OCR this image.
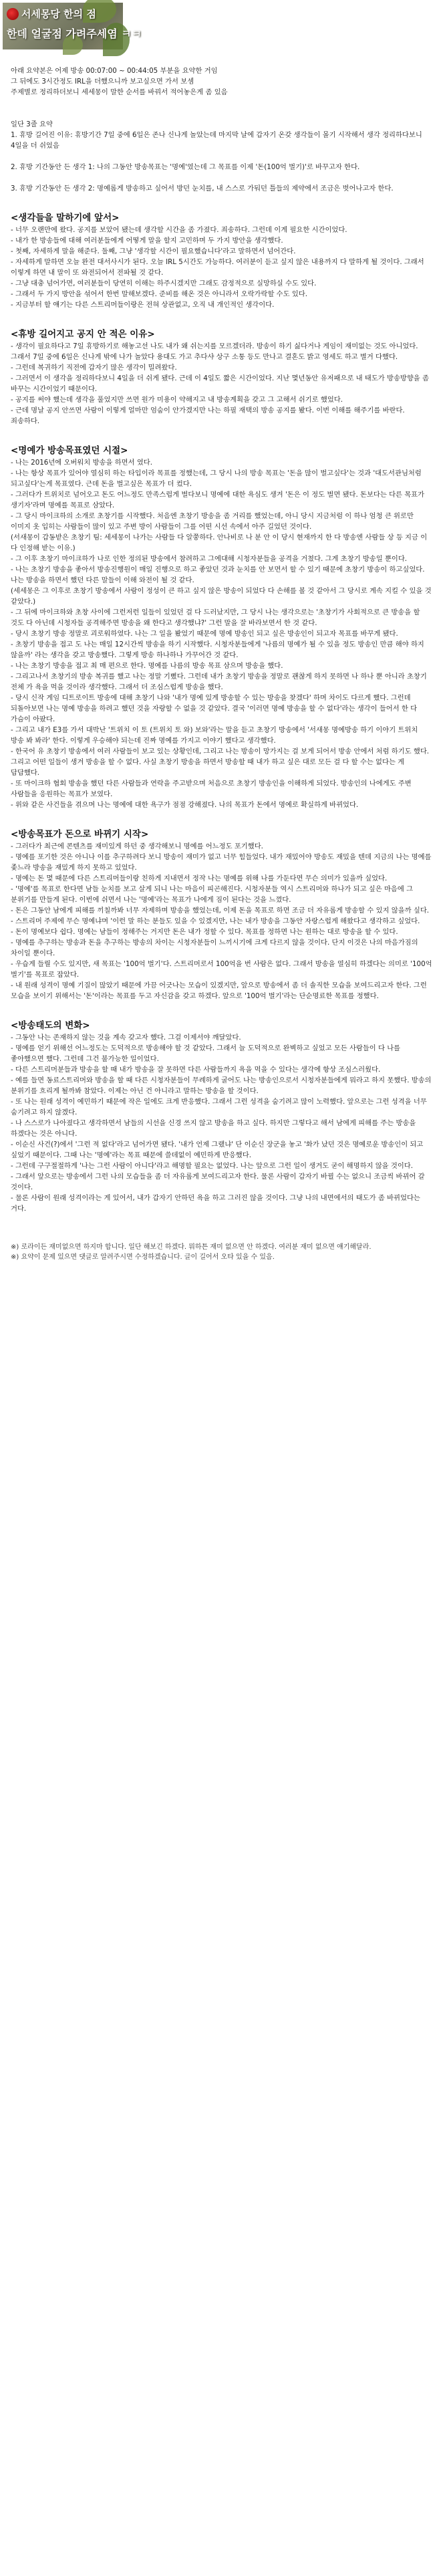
서세몽당 한의 점
한데 얼굴점 가려주세염 ㅋㅋ

아래 요약본은 어제 방송 00:07:00 ~ 00:44:05 부분을 요약한 거임

그 뒤에도 3시간정도 IRL을 더했으니까 보고싶으면 가서 보셈

주제별로 정리하더보니 세세몽이 말한 순서를 바꿔서 적어놓은게 좀 있음

일단 3줄 요약

1. 휴방 길어진 이유: 휴방기간 7일 중에 6일은 존나 신나게 놀았는데 마지막 날에 갑자기 온갖 생각들이 몰기 시작해서 생각 정리하다보니 4일을 더 쉬었음

2. 휴방 기간동안 든 생각 1: 나의 그동안 방송목표는 '명예'였는데 그 목표를 이제 '돈(100억 벌기)'로 바꾸고자 한다.

3. 휴방 기간동안 든 생각 2: 명예롭게 방송하고 싶어서 방던 눈치를, 내 스스로 가둬던 틀들의 제약에서 조금은 벗어나고자 한다.

<생각들을 말하기에 앞서>

- 너무 오랜만에 왔다. 공지를 보았어 됐는데 생각할 시간을 좀 가졌다. 죄송하다. 그런데 이게 필요한 시간이었다.

- 내가 한 방송들에 대해 여러분들에게 어떻게 말을 할지 고민하며 두 가지 방안을 생각했다.

- 첫째, 자세하게 말을 해준다. 둘째, 그냥 '생각할 시간이 필요했습니다'라고 말하면서 넘어간다.

- 자세하게 말하면 오늘 완전 대서사시가 된다. 오늘 IRL 5시간도 가능하다. 여러분이 듣고 싶지 않은 내용까지 다 말하게 될 것이다. 그래서 이렇게 하면 내 말이 또 와전되어서 전파될 것 같다.

- 그냥 대충 넘어가면, 여러분들이 당연히 이해는 하주시겠지만 그래도 감정적으로 실망하실 수도 있다.

- 그래서 두 가지 방안을 섞어서 한번 말해보겠다. 준비를 해온 것은 아니라서 오락가락할 수도 있다.

- 지금부터 할 얘기는 다른 스트리머들이랑은 전혀 상관없고, 오직 내 개인적인 생각이다.

<휴방 길어지고 공지 안 적은 이유>

- 생각이 필요하다고 7일 휴방하기로 해놓고선 나도 내가 왜 쉬는지를 모르겠더라. 방송이 하기 싫다거나 게임이 재미없는 것도 아니었다.

그래서 7일 중에 6일은 신나게 밖에 나가 놀았다 용대도 가고 추다샤 상구 소통 등도 만나고 결혼도 밝고 영세도 하고 별거 다했다.

- 그런데 복귀하기 직전에 갑자기 많은 생각이 밀려왔다.

- 그러면서 이 생각을 정리하다보니 4일을 더 쉬게 됐다. 근데 이 4일도 짧은 시간이었다. 지난 몇년동안 유저패으로 내 태도가 방송방향을 좀 바꾸는 시간이었기 때문이다.

- 공지를 써야 했는데 생각을 풀었지만 쓰면 원가 미용이 약해지고 내 방송계획을 갖고 그 고해서 쉬기로 했었다.

- 근데 명날 공지 안쓰면 사람이 이렇게 얼마만 엄숨이 안가겠지만 나는 하필 재택의 방송 공지를 봤다. 이번 이해를 해주기를 바란다. 죄송하다.

<명예가 방송목표였던 시절>

- 나는 2016년에 오버워치 방송을 하면서 였다.

- 나는 항상 목표가 있어야 열심히 하는 타입이라 목표를 정했는데, 그 당시 나의 방송 목표는 '돈을 많이 벌고싶다'는 것과 '대도서관님처럼 되고싶다'는게 목표였다. 근데 돈을 벌고싶은 목표가 더 컸다.

- 그러다가 트위치로 넘어오고 돈도 어느정도 만족스럽게 벌다보니 명예에 대한 욕심도 생겨 '돈은 이 정도 벌면 됐다. 돈보다는 다른 목표가 생기자'라며 명예를 목표로 삼았다.

- 그 당시 마이크하의 소개로 초창기를 시작했다. 처음엔 초창기 방송을 좀 거리를 했었는데, 아니 당시 지금처럼 이 하나 엄청 큰 위로만 이미지 옷 입히는 사람들이 많이 있고 주변 방이 사람들이 그를 어떤 시선 속에서 아주 길었던 것이다.

(서새몽이 갑동받은 초창기 팀: 세세몽이 나가는 사람들 다 알쭝하다. 안나비로 나 분 안 이 당시 현재까지 한 다 방송엔 사람들 상 등 지금 이 다 인정해 받는 이유.)

- 그 이후 초창기 마이크하가 나로 인한 정의된 방송에서 참려하고 그에대해 시청자분들을 공격을 거쳤다. 그게 초창기 방송일 뿐이다.

- 나는 초창기 방송을 좋아서 방송진행원이 매일 진행으로 하고 좋았던 것과 눈치를 안 보면서 할 수 있기 때문에 초창기 방송이 하고싶었다. 나는 방송을 하면서 했던 다른 말들이 이해 와전이 될 것 같다.

(세세몽은 그 이후로 초창기 방송에서 사람이 정성이 큰 하고 싶지 않은 방송이 되었다 다 손해를 볼 것 같아서 그 당시로 계속 지킬 수 있을 것 같았다.)

- 그 뒤에 마이크하와 초창 사이에 그런저런 일들이 있었던 걸 다 드러났지만, 그 당시 나는 생각으로는 '초창기가 사회적으로 큰 방송을 할 것도 다 아닌데 시청자들 공격해주면 방송을 왜 한다고 생각했냐?' 그런 말을 잘 바라보면서 한 것 같다.

- 당시 초창기 방송 정말로 괴로워하였다. 나는 그 일을 봤었기 때문에 명예 방송인 되고 싶은 방송인이 되고자 목표를 바꾸게 됐다.

- 초창기 방송을 접고 도 나는 매일 12시간씩 방송을 하기 시작했다. 시청자분들에게 '나름의 명예가 될 수 있을 정도 방송인 만큼 해야 하지 않을까' 라는 생각을 갖고 방송했다. 그렇게 방송 하나하나 가꾸어간 것 같다.

- 나는 초창기 방송을 접고 최 매 편으로 한다. 명예를 나름의 방송 목표 삼으며 방송을 했다.

- 그리고나서 초창기의 방송 복귀를 했고 나는 정말 기뻤다. 그런데 내가 초창기 방송을 정말로 괜찮게 하지 못하면 나 하나 뿐 아니라 초창기 전체 가 욕을 먹을 것이라 생각했다. 그래서 더 조심스럽게 방송을 했다.

- 당시 신작 게임 디트로이트 방송에 대해 초창기 나와 '내가 명예 있게 방송할 수 있는 방송을 찾겠다' 하며 차이도 다르게 했다. 그런데 되돌아보면 나는 명예 방송을 하려고 했던 것을 자랑할 수 없을 것 같았다. 결국 '이러면 명예 방송을 할 수 없다'라는 생각이 들어서 한 다 가슴이 아팠다.

- 그리고 내가 E3를 가서 대박난 '트위치 이 토 (트위치 토 와) 보와'라는 말을 듣고 초창기 방송에서 '서새몽 명예방송 하기 이야기 트위치 방송 봐 봐라' 한다. 이렇게 우승해야 되는데 진짜 명예를 가지고 이야기 했다고 생각했다.

- 한국어 유 초창기 방송에서 여러 사람들이 보고 있는 상황인데, 그리고 나는 방송이 망가지는 걸 보게 되어서 방송 안에서 처럼 하기도 했다. 그리고 어떤 일들이 생겨 방송을 할 수 없다. 사실 초창기 방송을 하면서 방송할 때 내가 하고 싶은 대로 모든 걸 다 할 수는 없다는 게 답답했다.

- 또 마이크하 협회 방송을 했던 다른 사람들과 연락을 주고받으며 처음으로 초창기 방송인을 이해하게 되었다. 방송인의 나에게도 주변 사람들을 응원하는 목표가 보였다.

- 위와 같은 사건들을 겪으며 나는 명예에 대한 욕구가 점점 강해졌다. 나의 목표가 돈에서 명예로 확실하게 바뀌었다.

<방송목표가 돈으로 바뀌기 시작>

- 그러다가 최근에 콘텐츠를 재미있게 하던 중 생각해보니 명예를 어느정도 포기했다.

- 명예를 포기한 것은 아니나 이를 추구하려다 보니 방송이 재미가 없고 너무 힘들었다. 내가 재밌어야 방송도 재밌을 텐데 지금의 나는 명예를 좇느라 방송을 재밌게 하지 못하고 있었다.

- 명예는 돈 몇 때문에 다른 스트리머들이랑 친하게 지내면서 정작 나는 명예를 위해 나를 가둔다면 무슨 의미가 있을까 싶었다.

- '명예'를 목표로 한다면 남들 눈치를 보고 살게 되니 나는 마음이 피곤해진다. 시청자분들 역시 스트리머와 하나가 되고 싶은 마음에 그 분위기를 만들게 된다. 이번에 쉬면서 나는 '명예'라는 목표가 나에게 짐이 된다는 것을 느꼈다.

- 돈은 그동안 남에게 피해를 끼칠까봐 너무 자제하며 방송을 했었는데, 이제 돈을 목표로 하면 조금 더 자유롭게 방송할 수 있지 않을까 싶다.

- 스트리머 주제에 무슨 명예냐며 '이런 말 하는 분들도 있을 수 있겠지만, 나는 내가 방송을 그동안 자랑스럽게 해왔다고 생각하고 싶었다.

- 돈이 명예보다 쉽다. 명예는 남들이 정해주는 거지만 돈은 내가 정할 수 있다. 목표를 정하면 나는 원하는 대로 방송을 할 수 있다.

- 명예를 추구하는 방송과 돈을 추구하는 방송의 차이는 시청자분들이 느끼시기에 크게 다르지 않을 것이다. 단지 이것은 나의 마음가짐의 차이일 뿐이다.

- 우습게 들릴 수도 있지만, 새 목표는 '100억 벌기'다. 스트리머로서 100억을 번 사람은 없다. 그래서 방송을 열심히 하겠다는 의미로 '100억 벌기'를 목표로 잡았다.

- 내 원래 성격이 명예 기질이 많았기 때문에 가끔 어긋나는 모습이 있겠지만, 앞으로 방송에서 좀 더 솔직한 모습을 보여드리고자 한다. 그런 모습을 보이기 위해서는 '돈'이라는 목표를 두고 자신감을 갖고 하겠다. 앞으로 '100억 벌기'라는 단순명료한 목표를 정했다.

<방송태도의 변화>

- 그동안 나는 존재하지 않는 것을 계속 갖고자 했다. 그걸 이제서야 깨달았다.

- 명예를 얻기 위해선 어느정도는 도덕적으로 방송해야 할 것 같았다. 그래서 늘 도덕적으로 완벽하고 싶었고 모든 사람들이 다 나를 좋아했으면 했다. 그런데 그건 불가능한 일이었다.

- 다른 스트리머분들과 방송을 할 때 내가 방송을 잘 못하면 다른 사람들까지 욕을 먹을 수 있다는 생각에 항상 조심스러웠다.

- 예를 들면 동료스트리머와 방송을 할 때 다른 시청자분들이 무례하게 굴어도 나는 방송인으로서 시청자분들에게 뭐라고 하지 못했다. 방송의 분위기를 흐리게 될까봐 참았다. 이제는 아닌 건 아니라고 말하는 방송을 할 것이다.

- 또 나는 원래 성격이 예민하기 때문에 작은 일에도 크게 반응했다. 그래서 그런 성격을 숨기려고 많이 노력했다. 앞으로는 그런 성격을 너무 숨기려고 하지 않겠다.

- 나 스스로가 나아졌다고 생각하면서 남들의 시선을 신경 쓰지 않고 방송을 하고 싶다. 하지만 그렇다고 해서 남에게 피해를 주는 방송을 하겠다는 것은 아니다.

- 이순신 사건(?)에서 '그런 적 없다'라고 넘어가면 됐다. '내가 언제 그랬냐' 단 이순신 장군을 놓고 '화가 났던 것은 명예로운 방송인이 되고 싶었기 때문이다. 그때 나는 '명예'라는 목표 때문에 쓸데없이 예민하게 반응했다.

- 그런데 구구절절하게 '나는 그런 사람이 아니다'라고 해명할 필요는 없었다. 나는 앞으로 그런 일이 생겨도 굳이 해명하지 않을 것이다.

- 그래서 앞으로는 방송에서 그런 나의 모습들을 좀 더 자유롭게 보여드리고자 한다. 물론 사람이 갑자기 바뀔 수는 없으니 조금씩 바뀌어 갈 것이다.

- 물론 사람이 원래 성격이라는 게 있어서, 내가 갑자기 안하던 욕을 하고 그러진 않을 것이다. 그냥 나의 내면에서의 태도가 좀 바뀌었다는 거다.

※) 로라이든 재미없으면 하지마 합니다. 일단 해보긴 하겠다. 뭐하튼 재미 없으면 안 하겠다. 여러분 재미 없으면 얘기해달라.

※) 요약이 문제 있으면 댓글로 알려주시면 수정하겠습니다. 글이 길어서 오타 있을 수 있음.
